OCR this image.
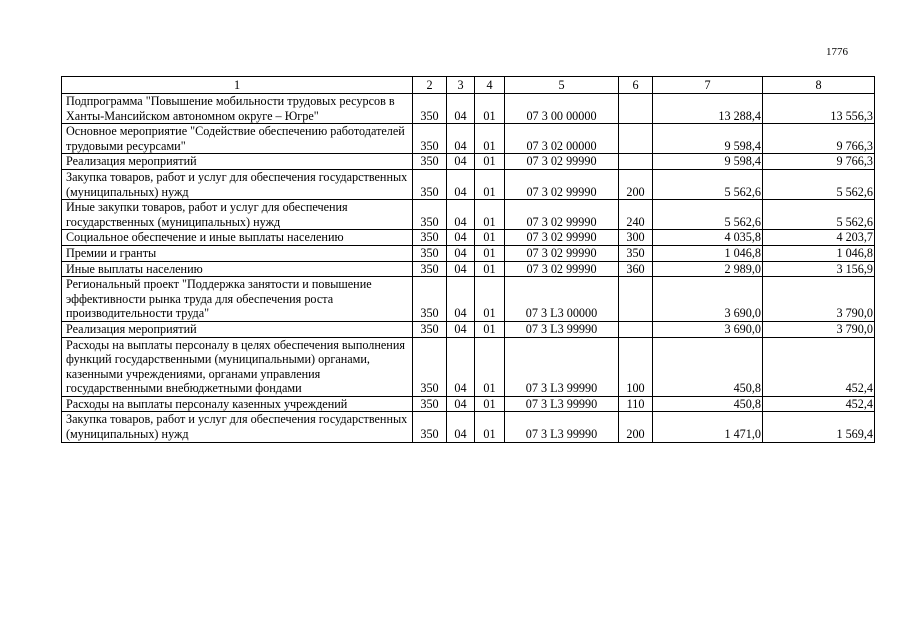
1776
1	2	3	4	5	6	7	8
Подпрограмма "Повышение мобильности трудовых ресурсов в Ханты-Мансийском автономном округе – Югре"	350	04	01	07 3 00 00000		13 288,4	13 556,3
Основное мероприятие "Содействие обеспечению работодателей трудовыми ресурсами"	350	04	01	07 3 02 00000		9 598,4	9 766,3
Реализация мероприятий	350	04	01	07 3 02 99990		9 598,4	9 766,3
Закупка товаров, работ и услуг для обеспечения государственных (муниципальных) нужд	350	04	01	07 3 02 99990	200	5 562,6	5 562,6
Иные закупки товаров, работ и услуг для обеспечения государственных (муниципальных) нужд	350	04	01	07 3 02 99990	240	5 562,6	5 562,6
Социальное обеспечение и иные выплаты населению	350	04	01	07 3 02 99990	300	4 035,8	4 203,7
Премии и гранты	350	04	01	07 3 02 99990	350	1 046,8	1 046,8
Иные выплаты населению	350	04	01	07 3 02 99990	360	2 989,0	3 156,9
Региональный проект "Поддержка занятости и повышение эффективности рынка труда для обеспечения роста производительности труда"	350	04	01	07 3 L3 00000		3 690,0	3 790,0
Реализация мероприятий	350	04	01	07 3 L3 99990		3 690,0	3 790,0
Расходы на выплаты персоналу в целях обеспечения выполнения функций государственными (муниципальными) органами, казенными учреждениями, органами управления государственными внебюджетными фондами	350	04	01	07 3 L3 99990	100	450,8	452,4
Расходы на выплаты персоналу казенных учреждений	350	04	01	07 3 L3 99990	110	450,8	452,4
Закупка товаров, работ и услуг для обеспечения государственных (муниципальных) нужд	350	04	01	07 3 L3 99990	200	1 471,0	1 569,4
